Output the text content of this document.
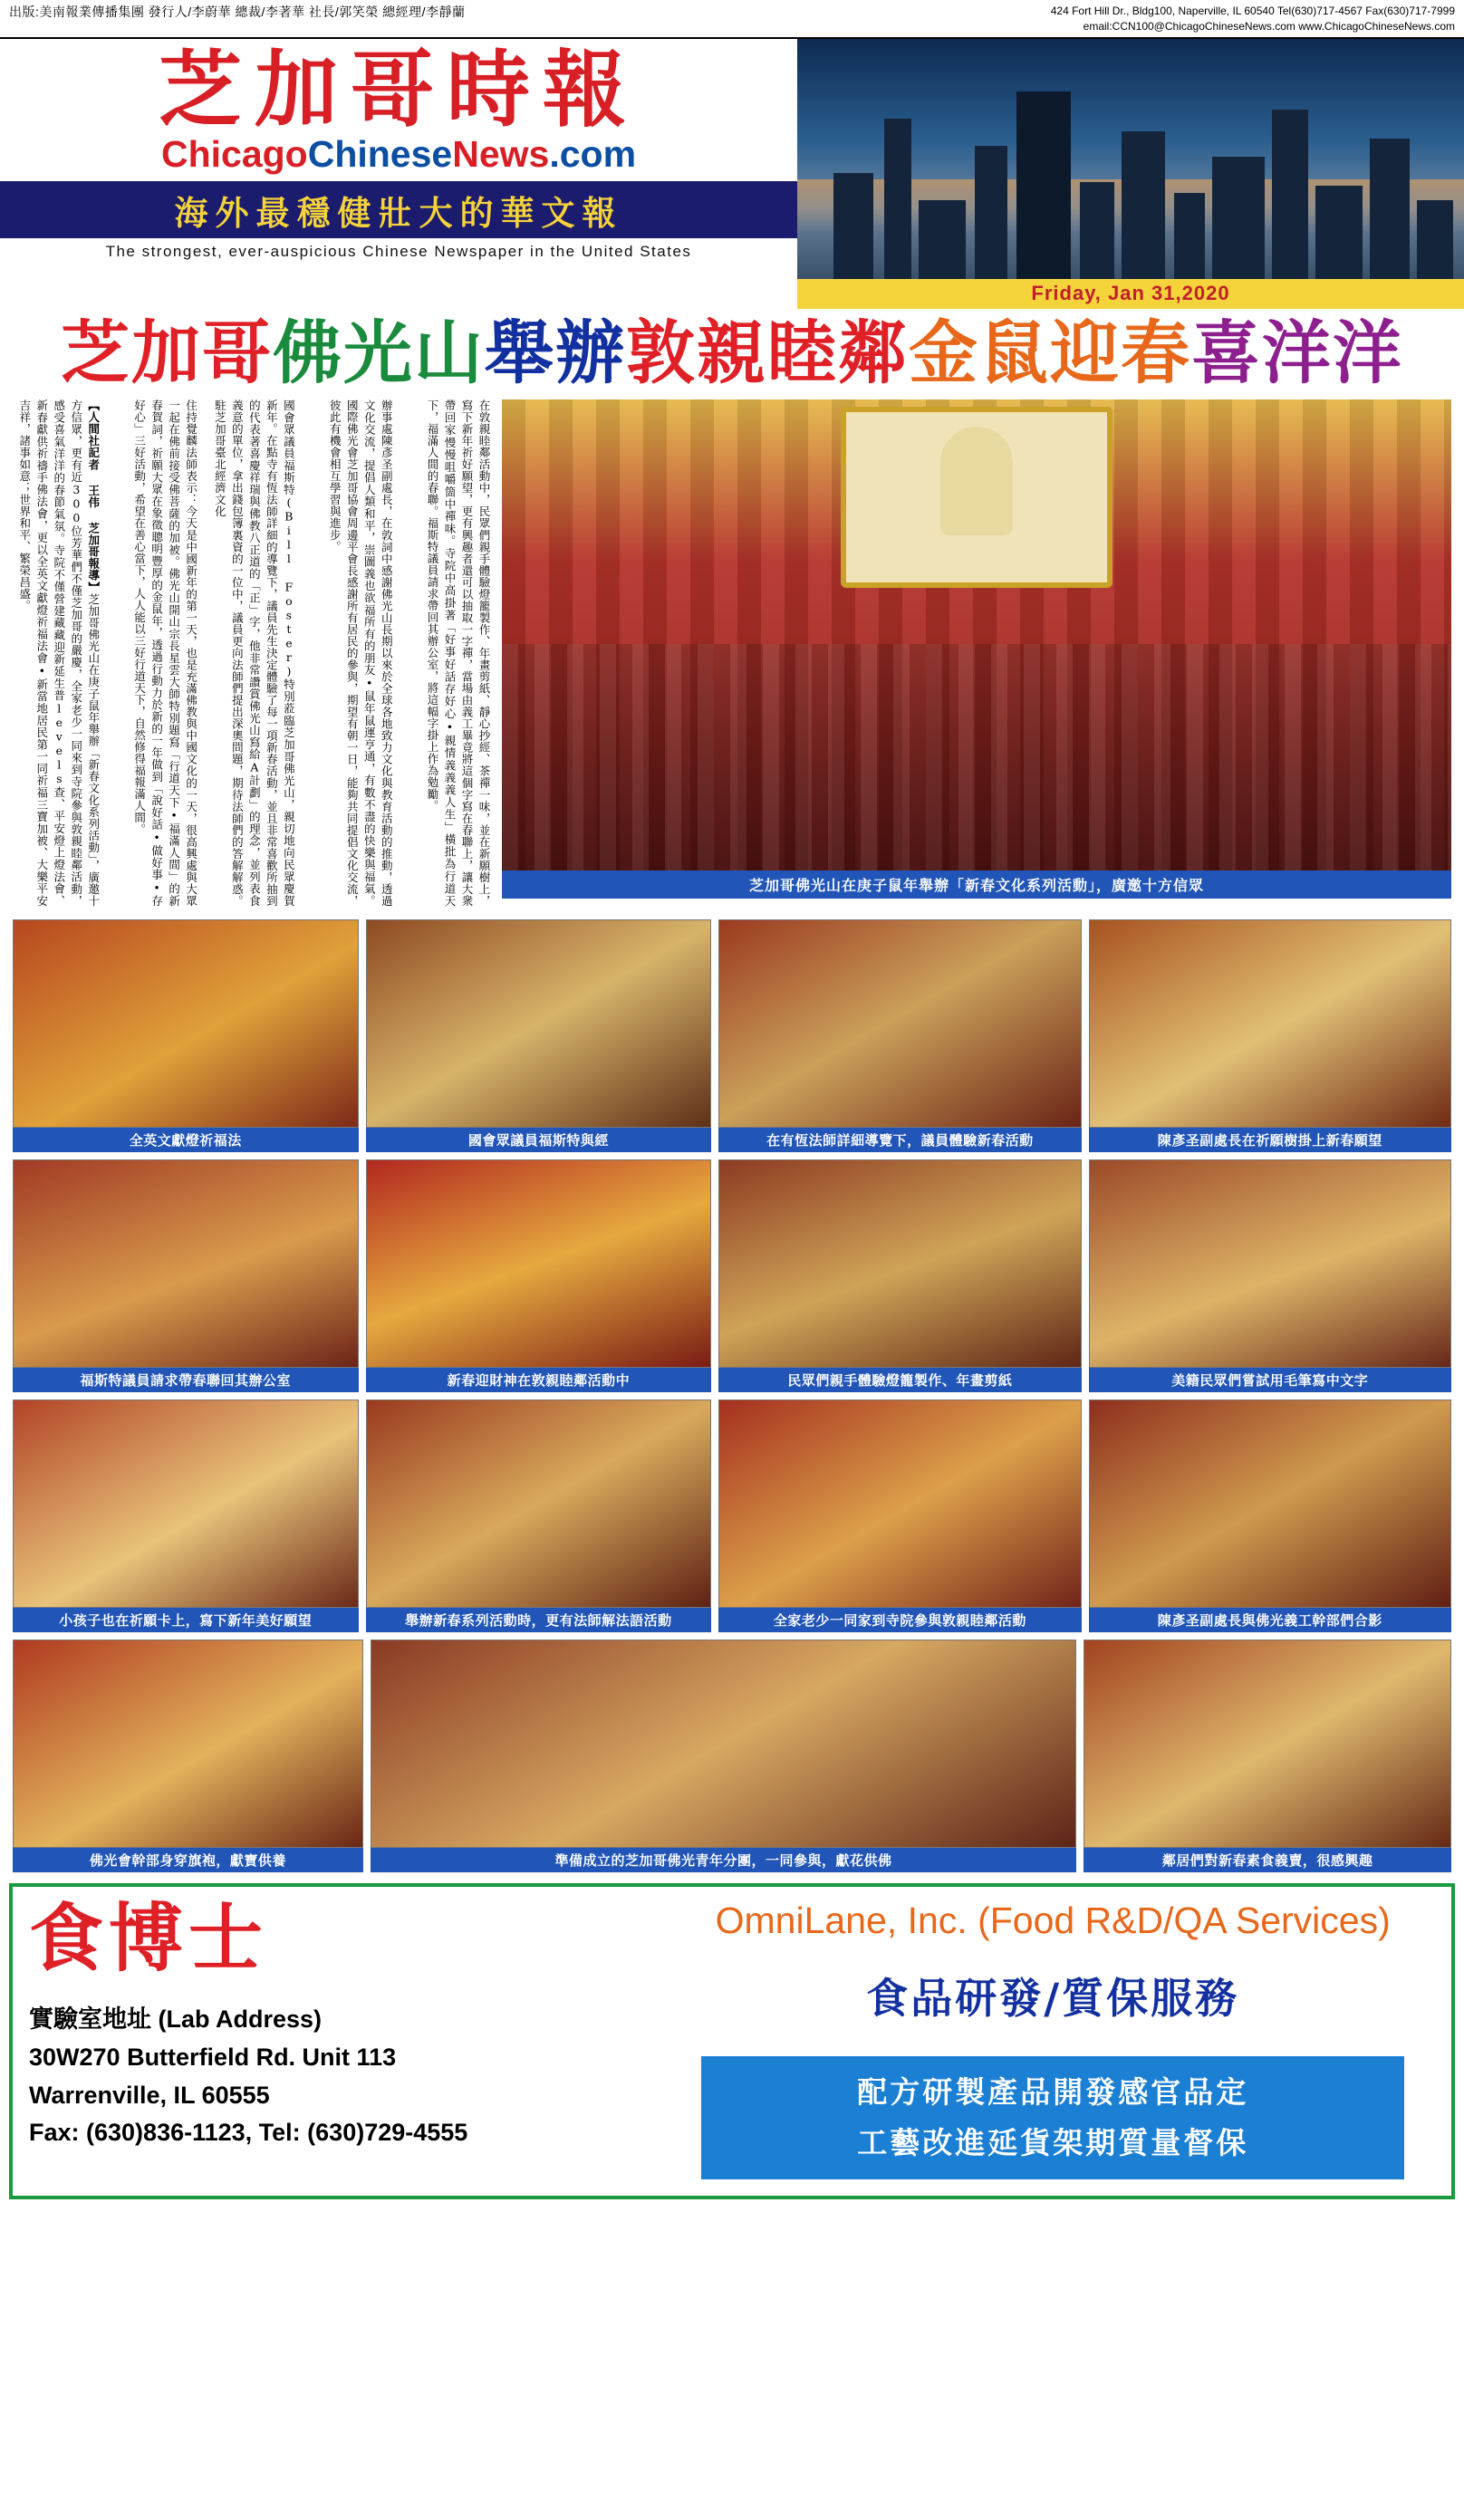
出版:美南報業傳播集團 發行人/李蔚華 總裁/李著華 社長/郭笑榮 總經理/李靜蘭	424 Fort Hill Dr., Bldg100, Naperville, IL 60540 Tel(630)717-4567 Fax(630)717-7999
email:CCN100@ChicagoChineseNews.com www.ChicagoChineseNews.com
芝加哥時報
ChicagoChineseNews.com
海外最穩健壯大的華文報
The strongest, ever-auspicious Chinese Newspaper in the United States
Friday, Jan 31,2020
芝加哥佛光山舉辦敦親睦鄰金鼠迎春喜洋洋
【人間社記者 王伟 芝加哥報導】芝加哥佛光山在庚子鼠年舉辦「新春文化系列活動」，廣邀十方信眾，更有近300位芳華們不僅芝加哥的嚴慶，全家老少一同來到寺院參與敦親睦鄰活動，感受喜氣洋洋的春節氣氛。寺院不僅營建藏藏迎新延生普levels查、平安燈上燈法會、新春獻供祈禱手佛法會，更以全英文獻燈祈福法會•新當地居民第一同祈福三寶加被、大樂平安吉祥，諸事如意；世界和平、繁榮昌盛。	住持覺麟法師表示：今天是中國新年的第一天，也是充滿佛教與中國文化的一天，很高興處與大眾一起在佛前接受佛菩薩的加被。佛光山開山宗長星雲大師特別題寫「行道天下•福滿人間」的新春賀詞，祈願大眾在象徵聰明豐厚的金鼠年，透過行動力於新的一年做到「說好話•做好事•存好心」三好活動，希望在善心當下，人人能以三好行道天下，自然修得福報滿人間。	國會眾議員福斯特(Bill Foster)特別蒞臨芝加哥佛光山，親切地向民眾慶賀新年。在點寺有恆法師詳細的導覽下，議員先生決定體驗了每一項新春活動，並且非常喜歡所抽到的代表著喜慶祥瑞與佛教八正道的「正」字，他非常讚賞佛光山寫給A計劃」的理念，並列表食義意的單位，拿出錢包簿裏資的一位中，議員更向法師們提出深奧問題，期待法師們的答解解惑。駐芝加哥臺北經濟文化	辦事處陳彥圣副處長，在敦詞中感謝佛光山長期以來於全球各地致力文化與教育活動的推動，透過文化交流，提倡人類和平，崇圖義也欲福所有的朋友•鼠年鼠運亨通，有數不盡的快樂與福氣。國際佛光會芝加哥協會周邊平會長感謝所有居民的參與，期望有朝一日，能夠共同提倡文化交流，彼此有機會相互學習與進步。	在敦親睦鄰活動中，民眾們親手體驗燈籠製作、年畫剪紙、靜心抄經、茶禪一味，並在新願樹上，寫下新年祈好願望，更有興趣者還可以抽取一字禪，當場由義工畢竟將這個字寫在春聯上，讓大衆帶回家慢慢咀嚼箇中禪味。寺院中高掛著「好事好話存好心•親情義義義人生」橫批為行道天下，福滿人間的春聯。福斯特議員請求帶回其辦公室，將這幅字掛上作為勉勵。
芝加哥佛光山在庚子鼠年舉辦「新春文化系列活動」，廣邀十方信眾
全英文獻燈祈福法	國會眾議員福斯特與經	在有恆法師詳細導覽下，議員體驗新春活動	陳彥圣副處長在祈願樹掛上新春願望
福斯特議員請求帶春聯回其辦公室	新春迎財神在敦親睦鄰活動中	民眾們親手體驗燈籠製作、年畫剪紙	美籍民眾們嘗試用毛筆寫中文字
小孩子也在祈願卡上，寫下新年美好願望	舉辦新春系列活動時，更有法師解法語活動	全家老少一同家到寺院參與敦親睦鄰活動	陳彥圣副處長與佛光義工幹部們合影
佛光會幹部身穿旗袍，獻寶供養	準備成立的芝加哥佛光青年分團，一同參與，獻花供佛	鄰居們對新春素食義賣，很感興趣
食博士
實驗室地址 (Lab Address)
30W270 Butterfield Rd. Unit 113
Warrenville, IL 60555
Fax: (630)836-1123, Tel: (630)729-4555
OmniLane, Inc. (Food R&D/QA Services)
食品研發/質保服務
配方研製產品開發感官品定
工藝改進延貨架期質量督保
